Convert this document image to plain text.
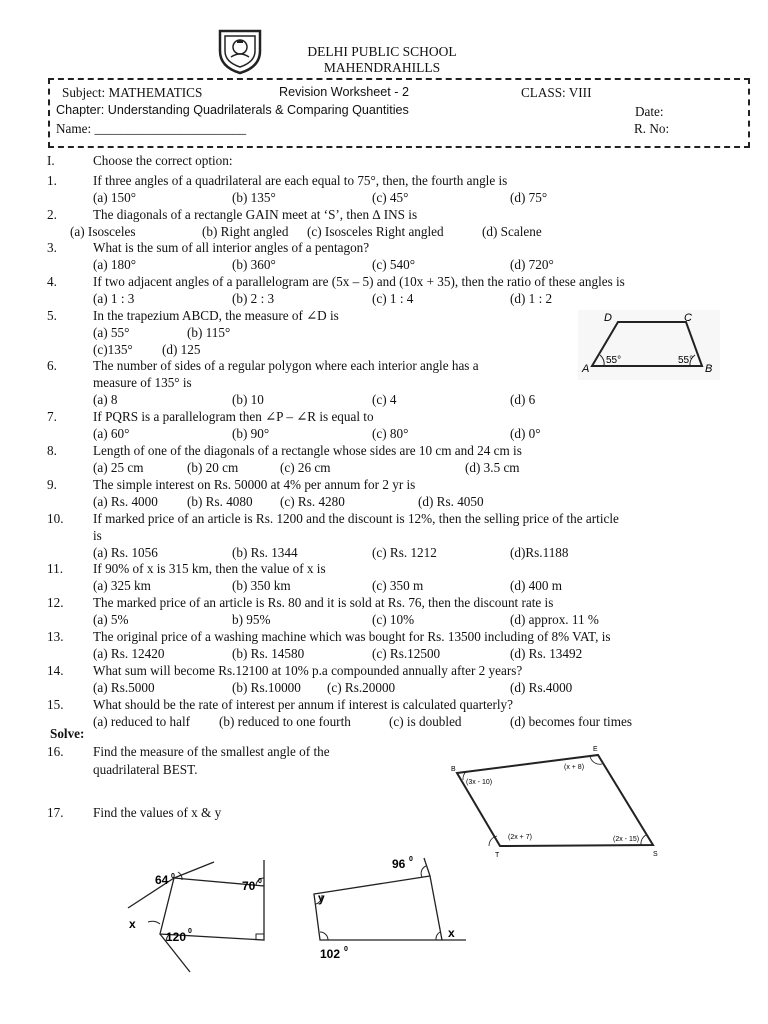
DELHI PUBLIC SCHOOL
MAHENDRAHILLS
Subject: MATHEMATICS	Revision Worksheet - 2	CLASS: VIII
Chapter: Understanding Quadrilaterals & Comparing Quantities	Date:
Name: _______________________	R. No:
I.	Choose the correct option:
1.	If three angles of a quadrilateral are each equal to 75°, then, the fourth angle is
(a) 150°	(b) 135°	(c) 45°	(d) 75°
2.	The diagonals of a rectangle GAIN meet at ‘S’, then ∆ INS is
(a) Isosceles	(b) Right angled (c) Isosceles Right angled	(d) Scalene
3.	What is the sum of all interior angles of a pentagon?
(a) 180°	(b) 360°	(c) 540°	(d) 720°
4.	If two adjacent angles of a parallelogram are (5x – 5) and (10x + 35), then the ratio of these angles is
(a) 1 : 3	(b) 2 : 3	(c) 1 : 4	(d) 1 : 2
5.	In the trapezium ABCD, the measure of ∠D is
(a) 55°	(b) 115°
(c)135° (d) 125
6.	The number of sides of a regular polygon where each interior angle has a
measure of 135° is
(a) 8	(b) 10	(c) 4	(d) 6
7.	If PQRS is a parallelogram then ∠P – ∠R is equal to
(a) 60°	(b) 90°	(c) 80°	(d) 0°
8.	Length of one of the diagonals of a rectangle whose sides are 10 cm and 24 cm is
(a) 25 cm	(b) 20 cm	(c) 26 cm	(d) 3.5 cm
9.	The simple interest on Rs. 50000 at 4% per annum for 2 yr is
(a) Rs. 4000 (b) Rs. 4080 (c) Rs. 4280	(d) Rs. 4050
10. If marked price of an article is Rs. 1200 and the discount is 12%, then the selling price of the article
is
(a) Rs. 1056	(b) Rs. 1344	(c) Rs. 1212	(d)Rs.1188
11. If 90% of x is 315 km, then the value of x is
(a) 325 km	(b) 350 km	(c) 350 m	(d) 400 m
12. The marked price of an article is Rs. 80 and it is sold at Rs. 76, then the discount rate is
(a) 5%	b) 95%	(c) 10%	(d) approx. 11 %
13. The original price of a washing machine which was bought for Rs. 13500 including of 8% VAT, is
(a) Rs. 12420	(b) Rs. 14580	(c) Rs.12500	(d) Rs. 13492
14. What sum will become Rs.12100 at 10% p.a compounded annually after 2 years?
(a) Rs.5000	(b) Rs.10000 (c) Rs.20000	(d) Rs.4000
15. What should be the rate of interest per annum if interest is calculated quarterly?
(a) reduced to half (b) reduced to one fourth	(c) is doubled	(d) becomes four times
Solve:
16. Find the measure of the smallest angle of the
quadrilateral BEST.
17. Find the values of x & y
D	C
A	B
55°	55°
B
E
T	S
(3x - 10)
(x + 8)
(2x + 7)	(2x - 15)
64 0
70 0
120 0
x
96 0
y
102 0
x
